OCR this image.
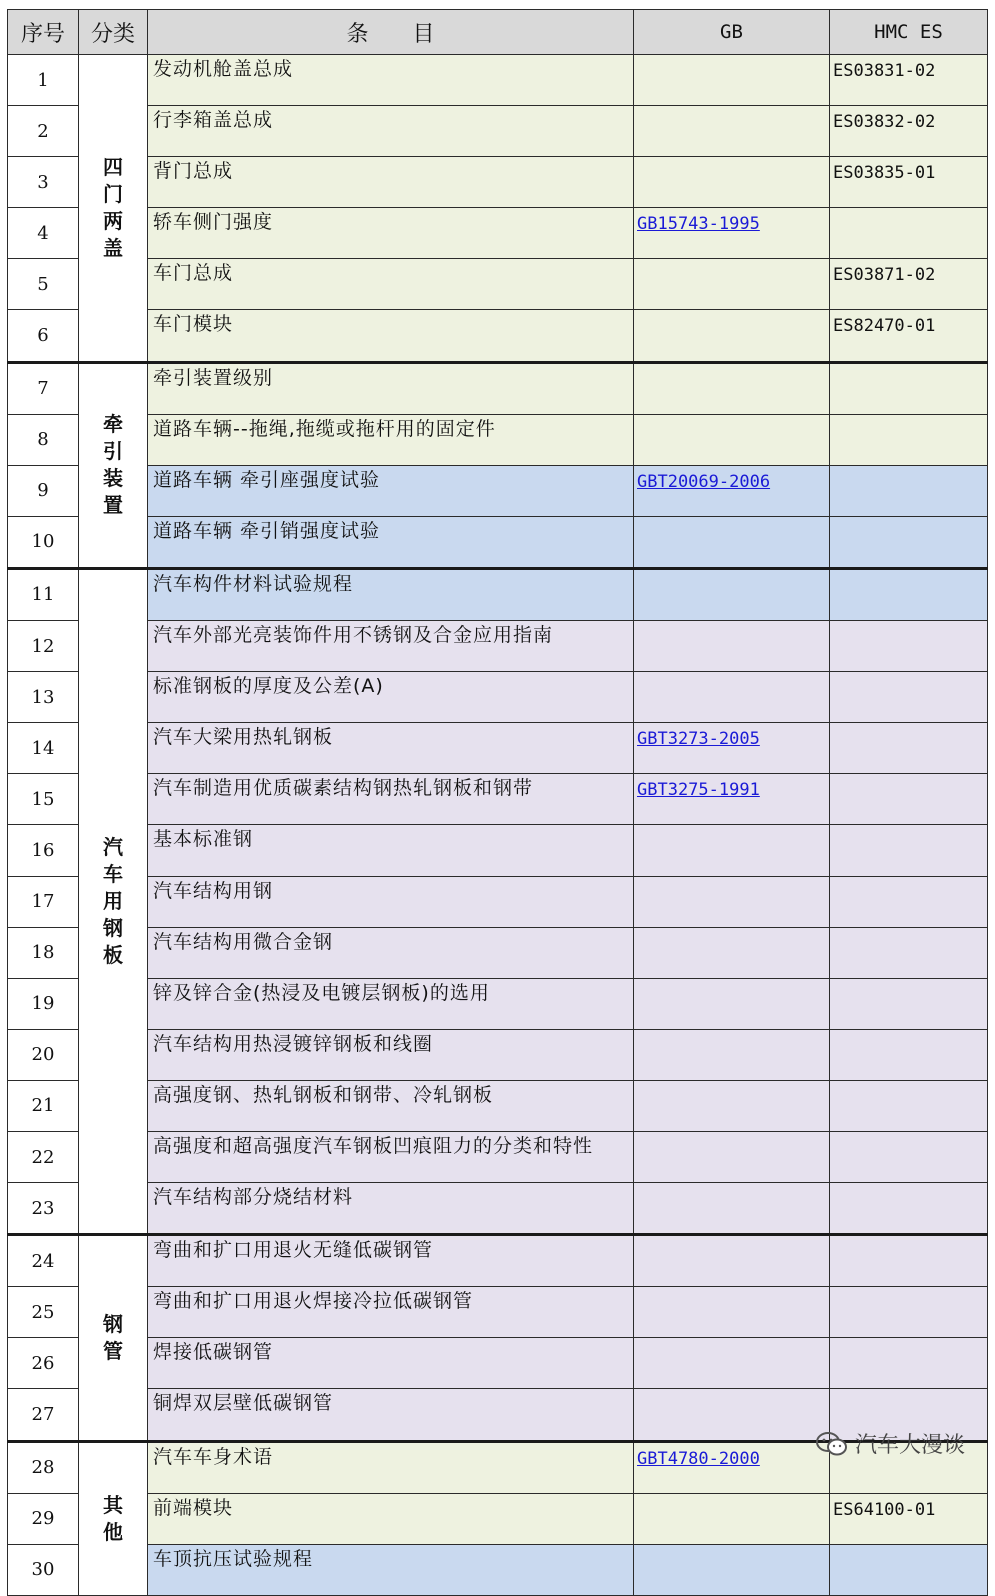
序号	分类	条　　目	GB	HMC ES
1	四门两盖	发动机舱盖总成		ES03831-02
2		行李箱盖总成		ES03832-02
3		背门总成		ES03835-01
4		轿车侧门强度	GB15743-1995	
5		车门总成		ES03871-02
6		车门模块		ES82470-01
7	牵引装置	牵引装置级别		
8		道路车辆--拖绳,拖缆或拖杆用的固定件		
9		道路车辆 牵引座强度试验	GBT20069-2006	
10		道路车辆 牵引销强度试验		
11	汽车用钢板	汽车构件材料试验规程		
12		汽车外部光亮装饰件用不锈钢及合金应用指南		
13		标准钢板的厚度及公差(A)		
14		汽车大梁用热轧钢板	GBT3273-2005	
15		汽车制造用优质碳素结构钢热轧钢板和钢带	GBT3275-1991	
16		基本标准钢		
17		汽车结构用钢		
18		汽车结构用微合金钢		
19		锌及锌合金(热浸及电镀层钢板)的选用		
20		汽车结构用热浸镀锌钢板和线圈		
21		高强度钢、热轧钢板和钢带、冷轧钢板		
22		高强度和超高强度汽车钢板凹痕阻力的分类和特性		
23		汽车结构部分烧结材料		
24	钢管	弯曲和扩口用退火无缝低碳钢管		
25		弯曲和扩口用退火焊接冷拉低碳钢管		
26		焊接低碳钢管		
27		铜焊双层壁低碳钢管		
28	其他	汽车车身术语	GBT4780-2000	
29		前端模块		ES64100-01
30		车顶抗压试验规程		
汽车大漫谈
